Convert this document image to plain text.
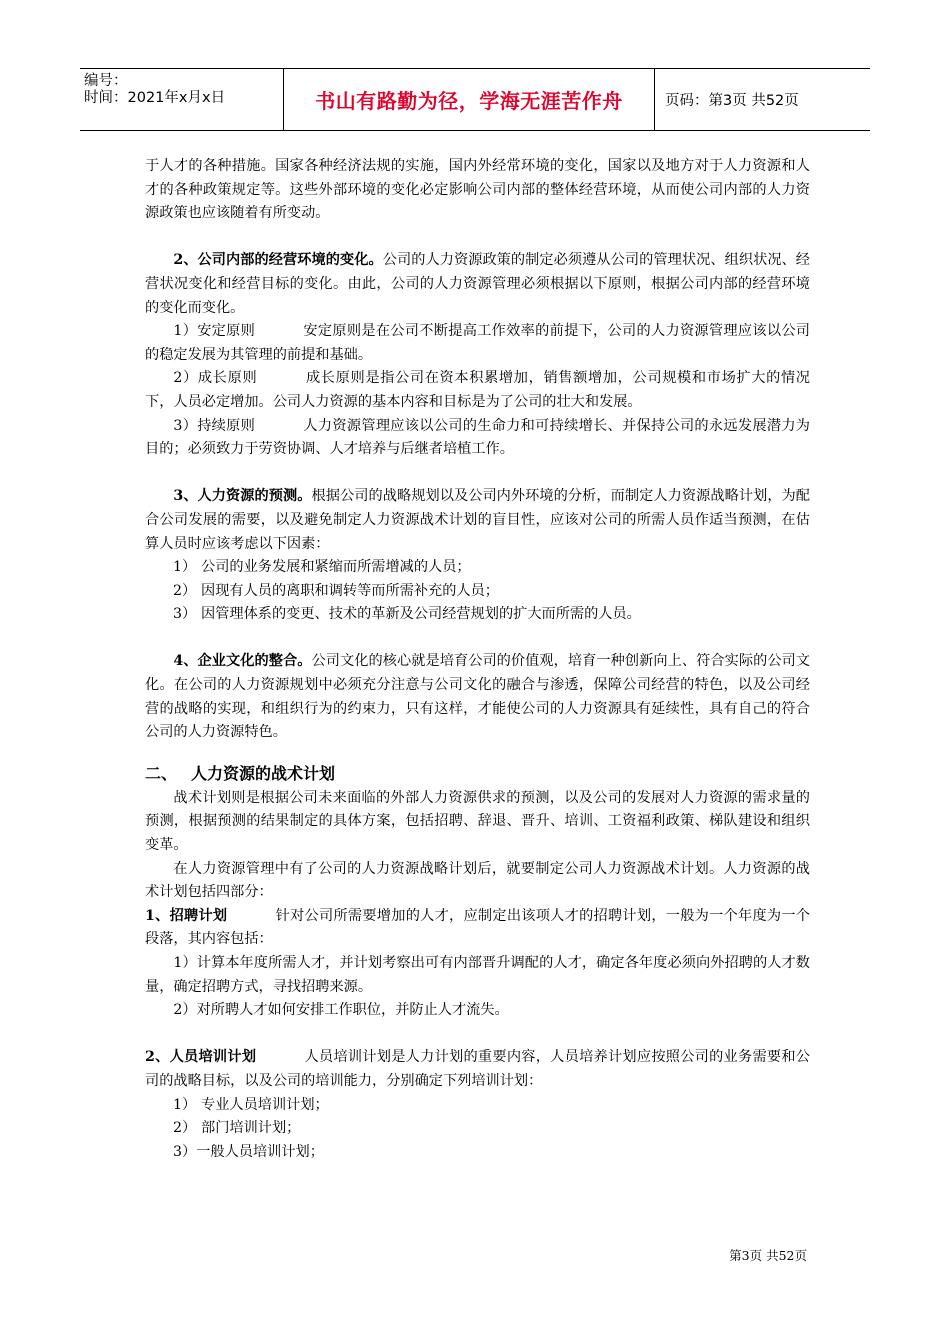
编号：
时间：2021年x月x日	书山有路勤为径，学海无涯苦作舟	页码：第3页 共52页

于人才的各种措施。国家各种经济法规的实施，国内外经常环境的变化，国家以及地方对于人力资源和人才的各种政策规定等。这些外部环境的变化必定影响公司内部的整体经营环境，从而使公司内部的人力资源政策也应该随着有所变动。

2、公司内部的经营环境的变化。公司的人力资源政策的制定必须遵从公司的管理状况、组织状况、经营状况变化和经营目标的变化。由此，公司的人力资源管理必须根据以下原则，根据公司内部的经营环境的变化而变化。

1）安定原则	安定原则是在公司不断提高工作效率的前提下，公司的人力资源管理应该以公司的稳定发展为其管理的前提和基础。

2）成长原则	成长原则是指公司在资本积累增加，销售额增加，公司规模和市场扩大的情况下，人员必定增加。公司人力资源的基本内容和目标是为了公司的壮大和发展。

3）持续原则	人力资源管理应该以公司的生命力和可持续增长、并保持公司的永远发展潜力为目的；必须致力于劳资协调、人才培养与后继者培植工作。

3、人力资源的预测。根据公司的战略规划以及公司内外环境的分析，而制定人力资源战略计划，为配合公司发展的需要，以及避免制定人力资源战术计划的盲目性，应该对公司的所需人员作适当预测，在估算人员时应该考虑以下因素：

1） 公司的业务发展和紧缩而所需增减的人员；

2） 因现有人员的离职和调转等而所需补充的人员；

3） 因管理体系的变更、技术的革新及公司经营规划的扩大而所需的人员。

4、企业文化的整合。公司文化的核心就是培育公司的价值观，培育一种创新向上、符合实际的公司文化。在公司的人力资源规划中必须充分注意与公司文化的融合与渗透，保障公司经营的特色，以及公司经营的战略的实现，和组织行为的约束力，只有这样，才能使公司的人力资源具有延续性，具有自己的符合公司的人力资源特色。

二、 人力资源的战术计划

战术计划则是根据公司未来面临的外部人力资源供求的预测，以及公司的发展对人力资源的需求量的预测，根据预测的结果制定的具体方案，包括招聘、辞退、晋升、培训、工资福利政策、梯队建设和组织变革。

在人力资源管理中有了公司的人力资源战略计划后，就要制定公司人力资源战术计划。人力资源的战术计划包括四部分：

1、招聘计划	针对公司所需要增加的人才，应制定出该项人才的招聘计划，一般为一个年度为一个段落，其内容包括：

1）计算本年度所需人才，并计划考察出可有内部晋升调配的人才，确定各年度必须向外招聘的人才数量，确定招聘方式，寻找招聘来源。

2）对所聘人才如何安排工作职位，并防止人才流失。

2、人员培训计划	人员培训计划是人力计划的重要内容，人员培养计划应按照公司的业务需要和公司的战略目标，以及公司的培训能力，分别确定下列培训计划：

1） 专业人员培训计划；

2） 部门培训计划；

3）一般人员培训计划；

第3页 共52页
